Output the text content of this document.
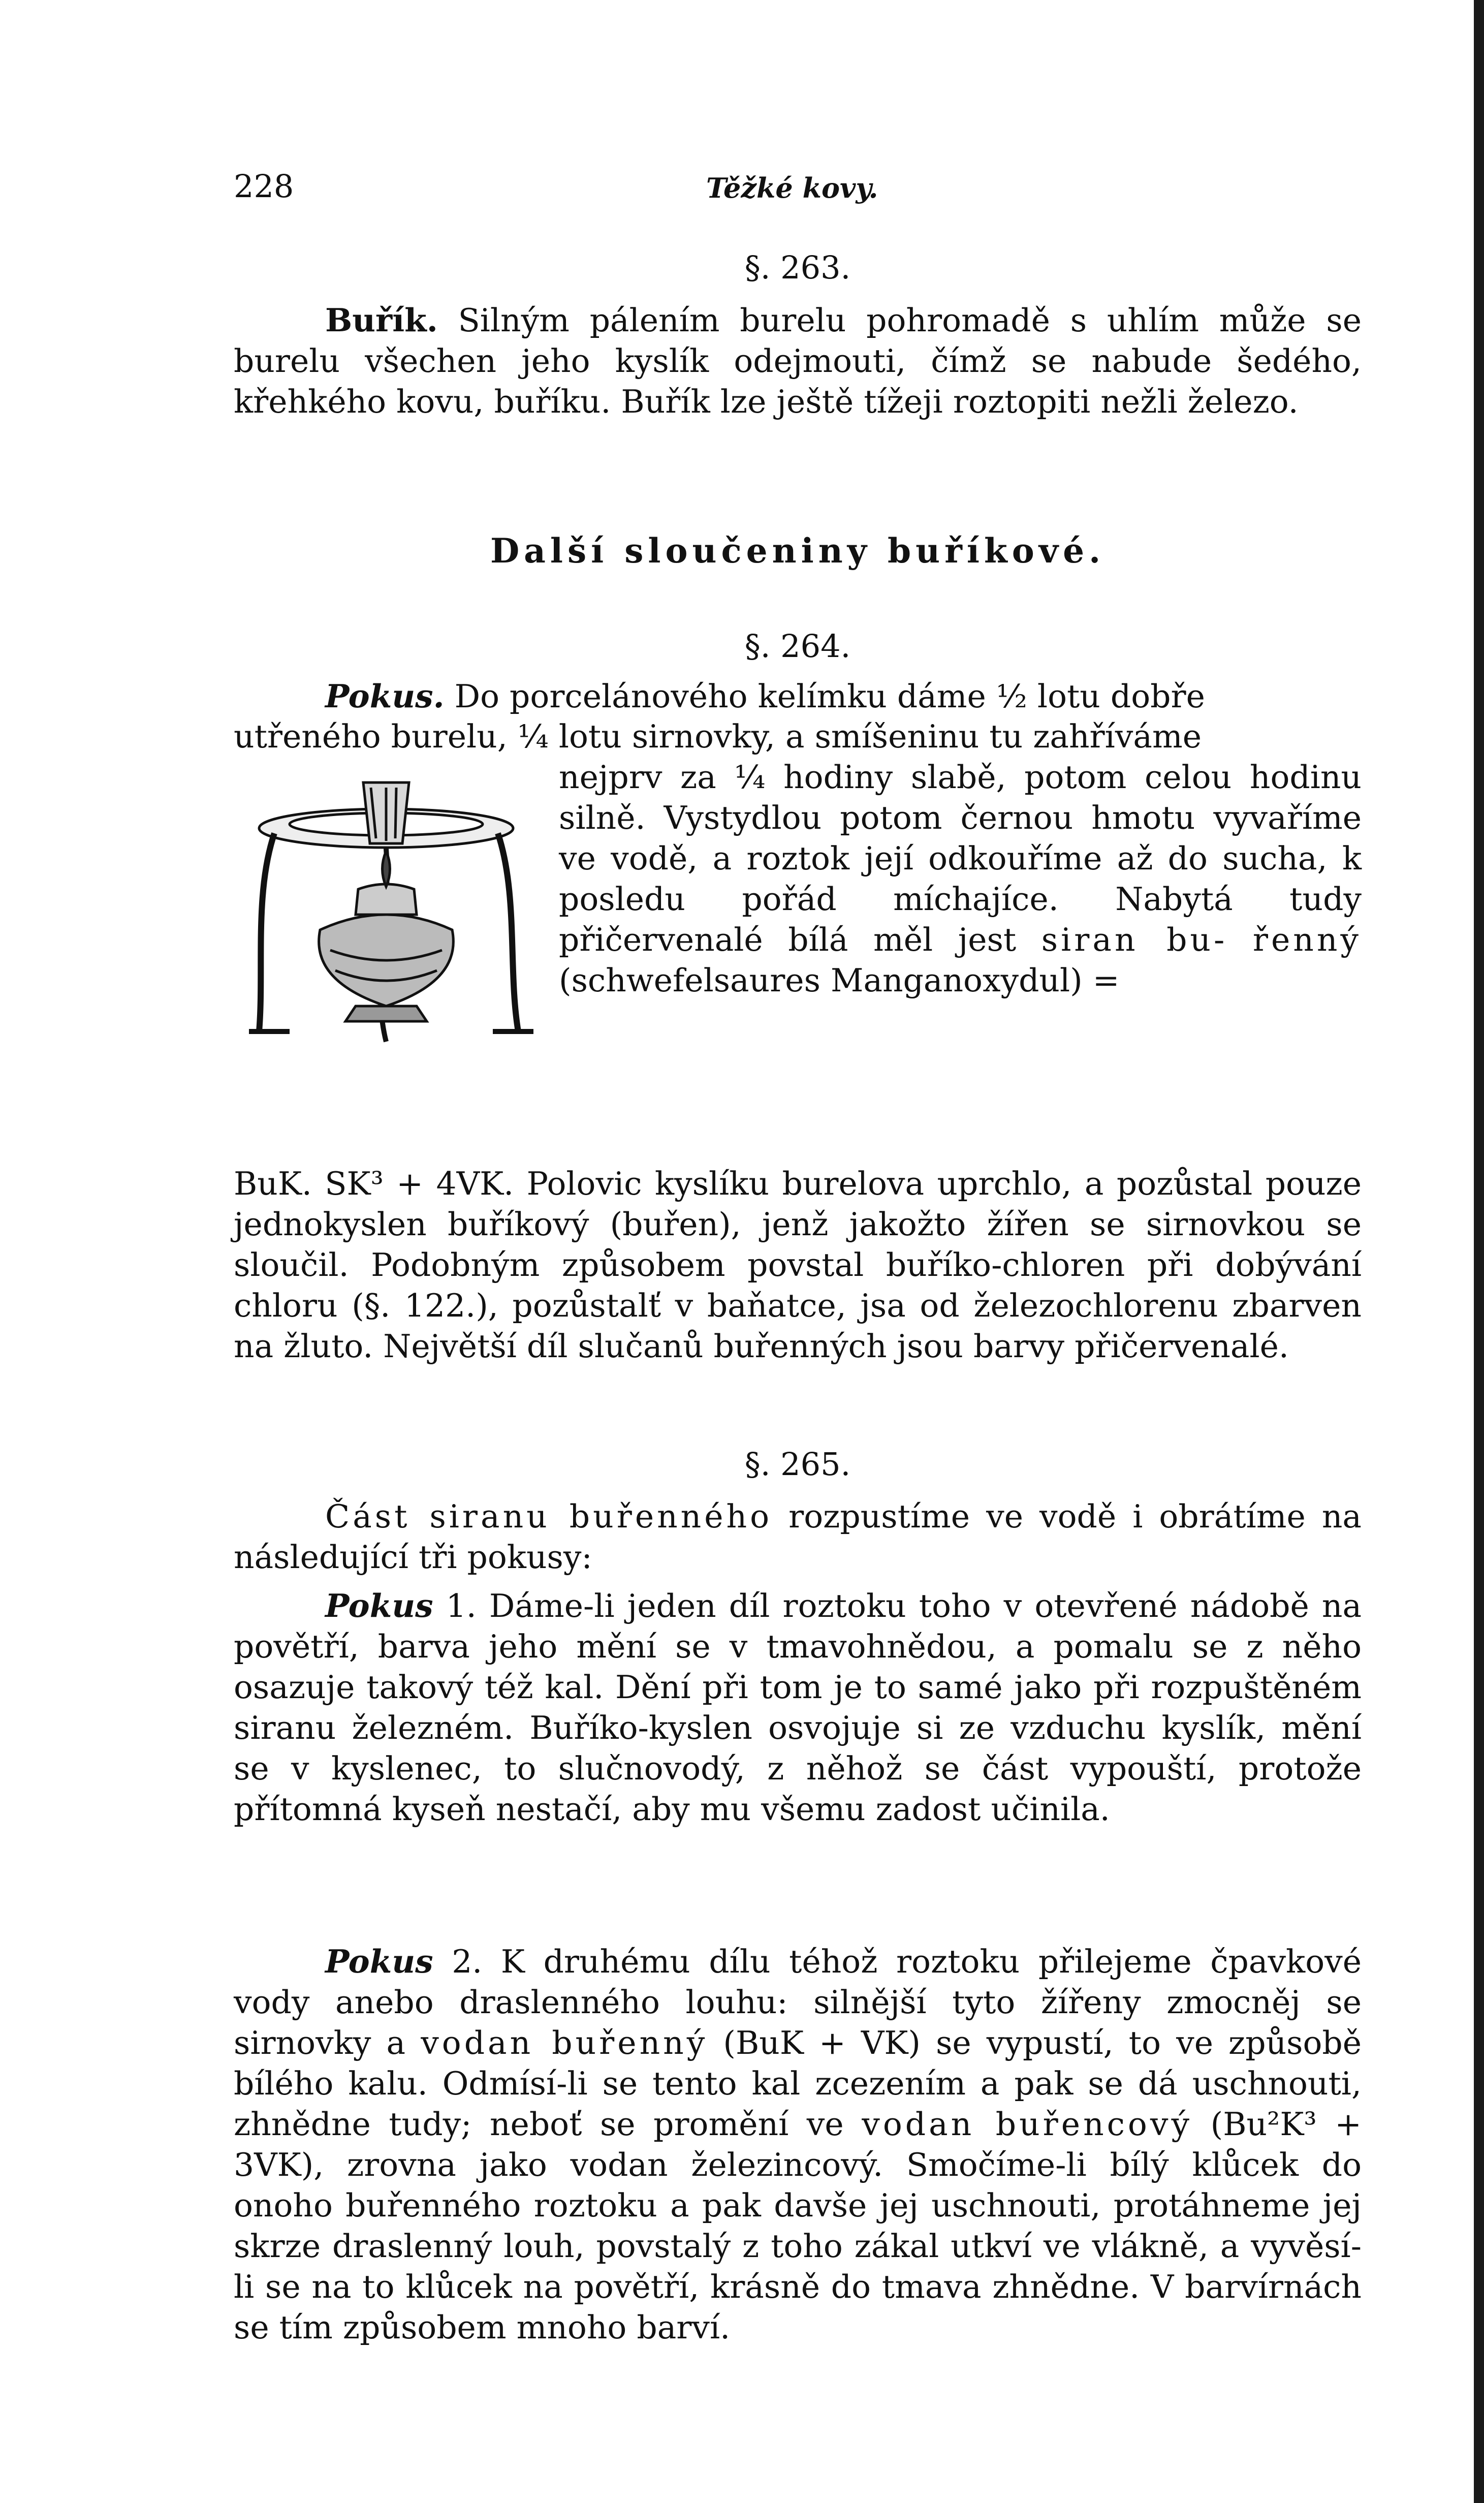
228	Těžké kovy.
§. 263.
Buřík. Silným pálením burelu pohromadě s uhlím může se burelu všechen jeho kyslík odejmouti, čímž se nabude šedého, křehkého kovu, buříku. Buřík lze ještě tížeji roztopiti nežli železo.
Další sloučeniny buříkové.
§. 264.
Pokus. Do porcelánového kelímku dáme ½ lotu dobře
utřeného burelu, ¼ lotu sirnovky, a smíšeninu tu zahříváme
nejprv za ¼ hodiny slabě, potom celou hodinu silně. Vystydlou potom černou hmotu vyvaříme ve vodě, a roztok její odkouříme až do sucha, k posledu pořád míchajíce. Nabytá tudy přičervenalé bílá měl jest siran bu- řenný (schwefelsaures Manganoxydul) =
BuK. SK³ + 4VK. Polovic kyslíku burelova uprchlo, a pozůstal pouze jednokyslen buříkový (buřen), jenž jakožto žířen se sirnovkou se sloučil. Podobným způsobem povstal buříko-chloren při dobývání chloru (§. 122.), pozůstalť v baňatce, jsa od železochlorenu zbarven na žluto. Největší díl slučanů buřenných jsou barvy přičervenalé.
§. 265.
Část siranu buřenného rozpustíme ve vodě i obrátíme na následující tři pokusy:
Pokus 1. Dáme-li jeden díl roztoku toho v otevřené nádobě na povětří, barva jeho mění se v tmavohnědou, a pomalu se z něho osazuje takový též kal. Dění při tom je to samé jako při rozpuštěném siranu železném. Buříko-kyslen osvojuje si ze vzduchu kyslík, mění se v kyslenec, to slučnovodý, z něhož se část vypouští, protože přítomná kyseň nestačí, aby mu všemu zadost učinila.
Pokus 2. K druhému dílu téhož roztoku přilejeme čpavkové vody anebo draslenného louhu: silnější tyto žířeny zmocněj se sirnovky a vodan buřenný (BuK + VK) se vypustí, to ve způsobě bílého kalu. Odmísí-li se tento kal zcezením a pak se dá uschnouti, zhnědne tudy; neboť se promění ve vodan buřencový (Bu²K³ + 3VK), zrovna jako vodan železincový. Smočíme-li bílý klůcek do onoho buřenného roztoku a pak davše jej uschnouti, protáhneme jej skrze draslenný louh, povstalý z toho zákal utkví ve vlákně, a vyvěsí-li se na to klůcek na povětří, krásně do tmava zhnědne. V barvírnách se tím způsobem mnoho barví.
